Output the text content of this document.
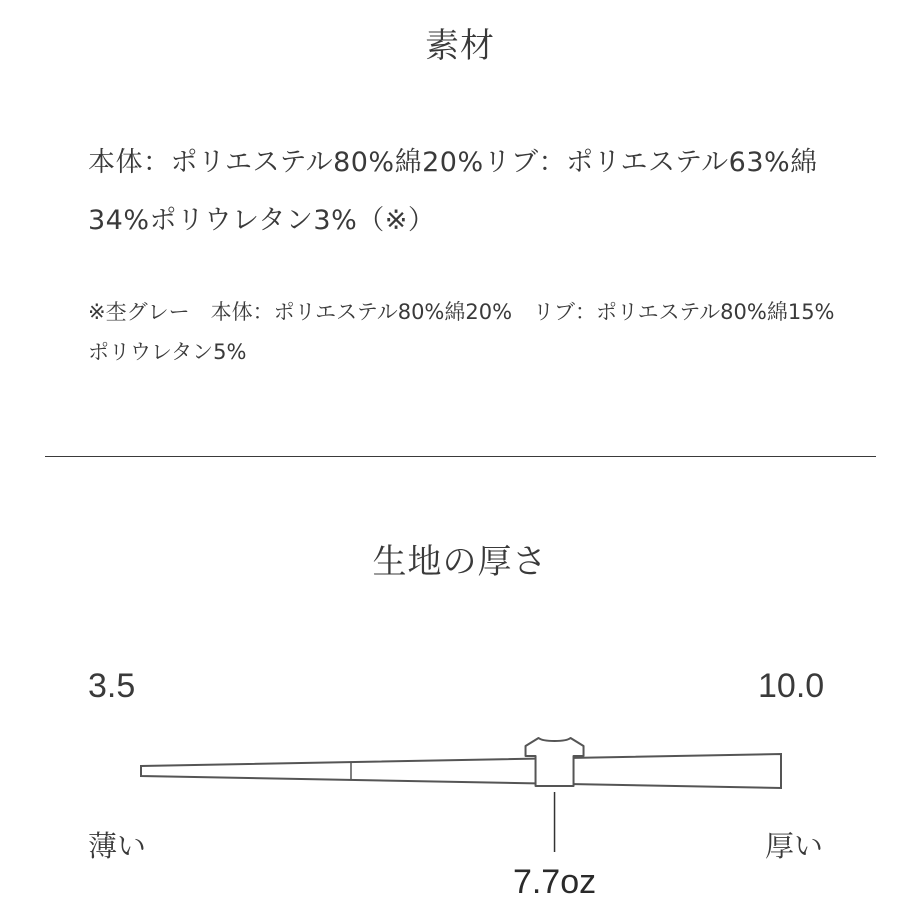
素材
本体：ポリエステル80%綿20%リブ：ポリエステル63%綿34%ポリウレタン3%（※）
※杢グレー　本体：ポリエステル80%綿20%　リブ：ポリエステル80%綿15%ポリウレタン5%
生地の厚さ
3.5	10.0
薄い	厚い
7.7oz
